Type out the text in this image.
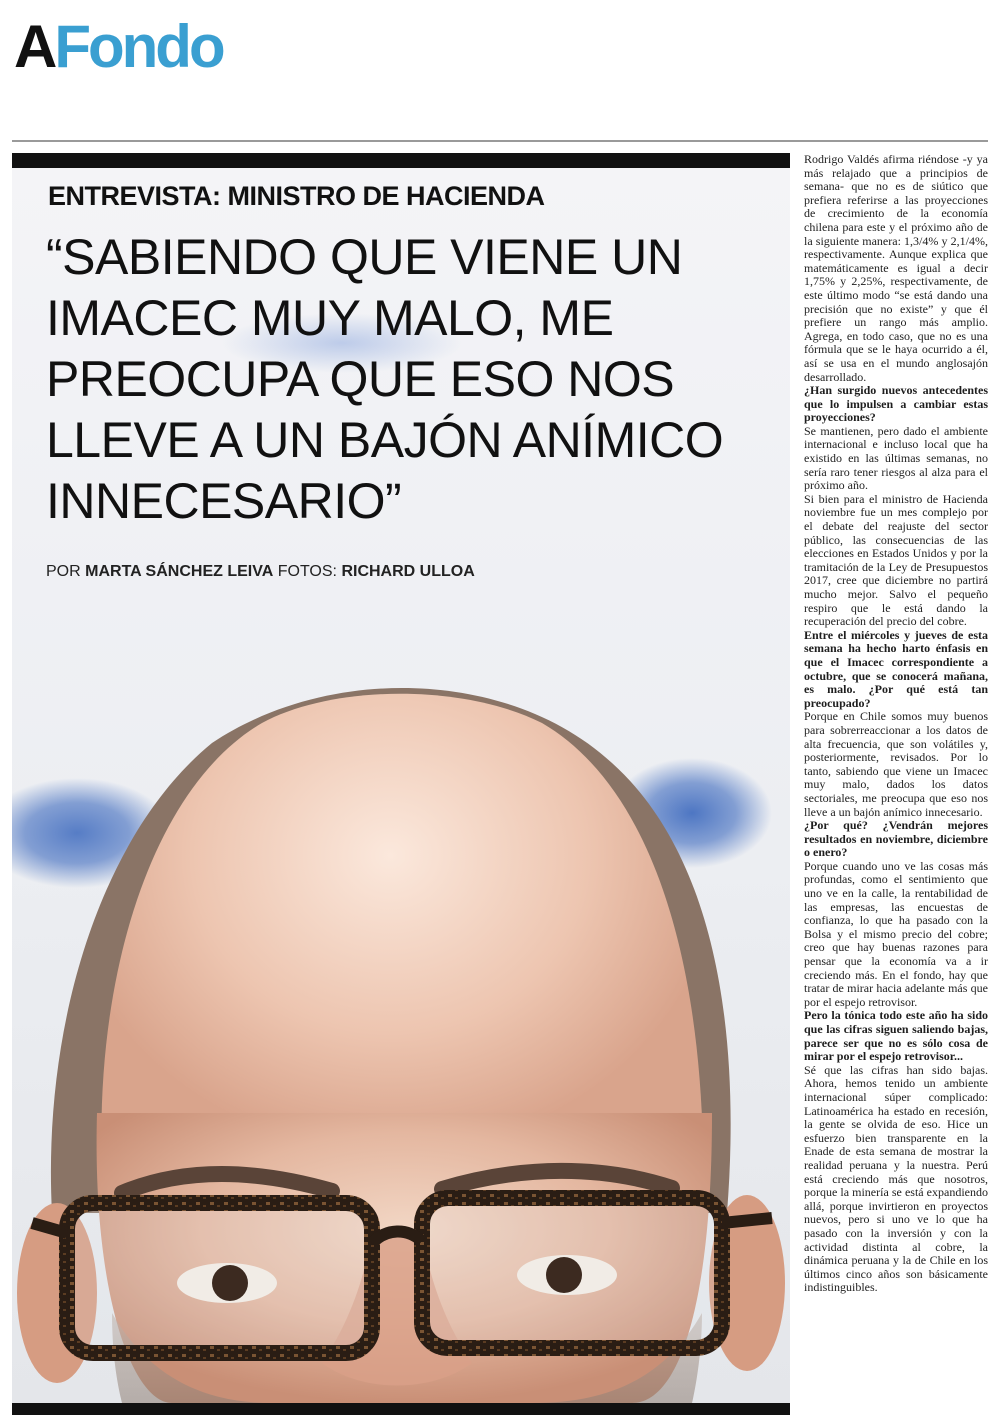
AFondo
ENTREVISTA: MINISTRO DE HACIENDA
“SABIENDO QUE VIENE UN IMACEC MUY MALO, ME PREOCUPA QUE ESO NOS LLEVE A UN BAJÓN ANÍMICO INNECESARIO”
POR MARTA SÁNCHEZ LEIVA FOTOS: RICHARD ULLOA

Rodrigo Valdés afirma riéndose -y ya más relajado que a principios de semana- que no es de siútico que prefiera referirse a las proyecciones de crecimiento de la economía chilena para este y el próximo año de la siguiente manera: 1,3/4% y 2,1/4%, respectivamente. Aunque explica que matemáticamente es igual a decir 1,75% y 2,25%, respectivamente, de este último modo “se está dando una precisión que no existe” y que él prefiere un rango más amplio. Agrega, en todo caso, que no es una fórmula que se le haya ocurrido a él, así se usa en el mundo anglosajón desarrollado.

¿Han surgido nuevos antecedentes que lo impulsen a cambiar estas proyecciones?

Se mantienen, pero dado el ambiente internacional e incluso local que ha existido en las últimas semanas, no sería raro tener riesgos al alza para el próximo año.

Si bien para el ministro de Hacienda noviembre fue un mes complejo por el debate del reajuste del sector público, las consecuencias de las elecciones en Estados Unidos y por la tramitación de la Ley de Presupuestos 2017, cree que diciembre no partirá mucho mejor. Salvo el pequeño respiro que le está dando la recuperación del precio del cobre.

Entre el miércoles y jueves de esta semana ha hecho harto énfasis en que el Imacec correspondiente a octubre, que se conocerá mañana, es malo. ¿Por qué está tan preocupado?

Porque en Chile somos muy buenos para sobrerreaccionar a los datos de alta frecuencia, que son volátiles y, posteriormente, revisados. Por lo tanto, sabiendo que viene un Imacec muy malo, dados los datos sectoriales, me preocupa que eso nos lleve a un bajón anímico innecesario.

¿Por qué? ¿Vendrán mejores resultados en noviembre, diciembre o enero?

Porque cuando uno ve las cosas más profundas, como el sentimiento que uno ve en la calle, la rentabilidad de las empresas, las encuestas de confianza, lo que ha pasado con la Bolsa y el mismo precio del cobre; creo que hay buenas razones para pensar que la economía va a ir creciendo más. En el fondo, hay que tratar de mirar hacia adelante más que por el espejo retrovisor.

Pero la tónica todo este año ha sido que las cifras siguen saliendo bajas, parece ser que no es sólo cosa de mirar por el espejo retrovisor...

Sé que las cifras han sido bajas. Ahora, hemos tenido un ambiente internacional súper complicado: Latinoamérica ha estado en recesión, la gente se olvida de eso. Hice un esfuerzo bien transparente en la Enade de esta semana de mostrar la realidad peruana y la nuestra. Perú está creciendo más que nosotros, porque la minería se está expandiendo allá, porque invirtieron en proyectos nuevos, pero si uno ve lo que ha pasado con la inversión y con la actividad distinta al cobre, la dinámica peruana y la de Chile en los últimos cinco años son básicamente indistinguibles.
